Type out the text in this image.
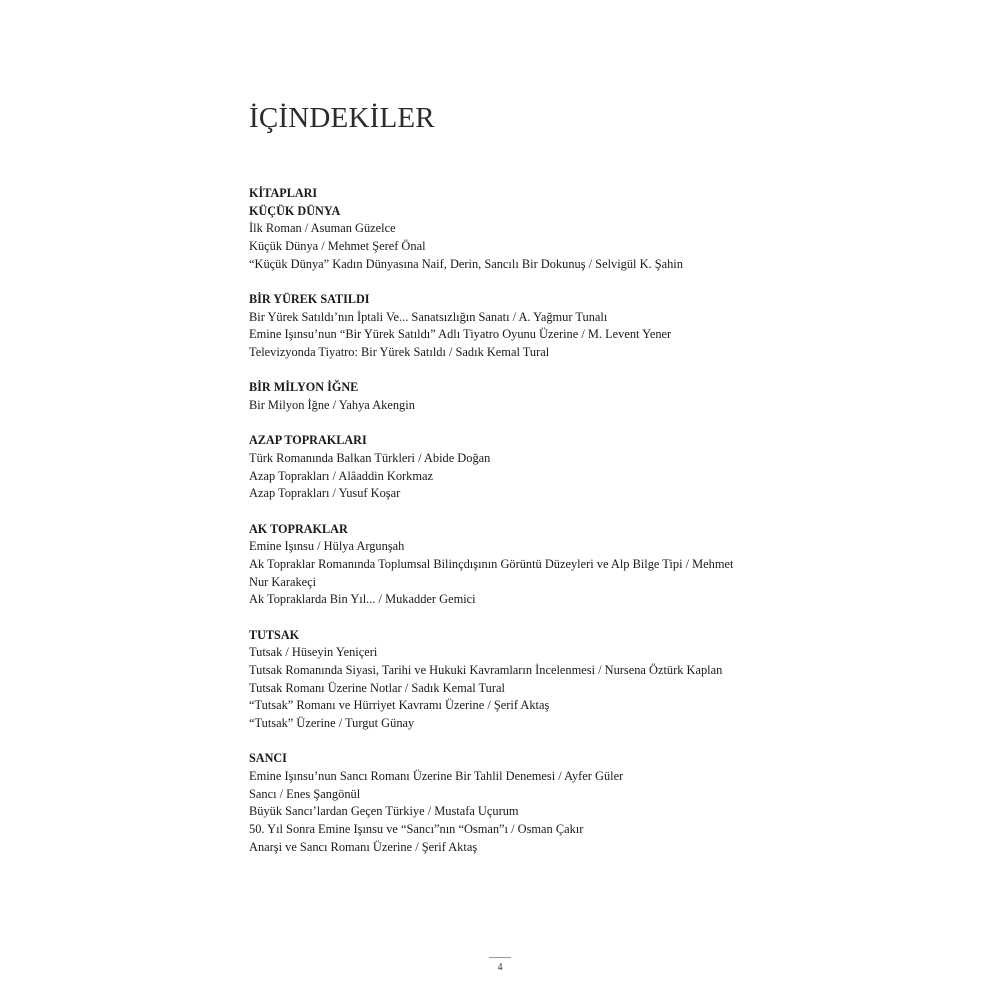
İÇİNDEKİLER
KİTAPLARI
KÜÇÜK DÜNYA
İlk Roman / Asuman Güzelce
Küçük Dünya / Mehmet Şeref Önal
“Küçük Dünya” Kadın Dünyasına Naif, Derin, Sancılı Bir Dokunuş / Selvigül K. Şahin
BİR YÜREK SATILDI
Bir Yürek Satıldı’nın İptali Ve... Sanatsızlığın Sanatı / A. Yağmur Tunalı
Emine Işınsu’nun “Bir Yürek Satıldı” Adlı Tiyatro Oyunu Üzerine / M. Levent Yener
Televizyonda Tiyatro: Bir Yürek Satıldı / Sadık Kemal Tural
BİR MİLYON İĞNE
Bir Milyon İğne / Yahya Akengin
AZAP TOPRAKLARI
Türk Romanında Balkan Türkleri / Abide Doğan
Azap Toprakları / Alâaddin Korkmaz
Azap Toprakları / Yusuf Koşar
AK TOPRAKLAR
Emine Işınsu / Hülya Argunşah
Ak Topraklar Romanında Toplumsal Bilinçdışının Görüntü Düzeyleri ve Alp Bilge Tipi / Mehmet Nur Karakeçi
Ak Topraklarda Bin Yıl... / Mukadder Gemici
TUTSAK
Tutsak / Hüseyin Yeniçeri
Tutsak Romanında Siyasi, Tarihi ve Hukuki Kavramların İncelenmesi / Nursena Öztürk Kaplan
Tutsak Romanı Üzerine Notlar / Sadık Kemal Tural
“Tutsak” Romanı ve Hürriyet Kavramı Üzerine / Şerif Aktaş
“Tutsak” Üzerine / Turgut Günay
SANCI
Emine Işınsu’nun Sancı Romanı Üzerine Bir Tahlil Denemesi / Ayfer Güler
Sancı / Enes Şangönül
Büyük Sancı’lardan Geçen Türkiye / Mustafa Uçurum
50. Yıl Sonra Emine Işınsu ve “Sancı”nın “Osman”ı / Osman Çakır
Anarşi ve Sancı Romanı Üzerine / Şerif Aktaş
4
